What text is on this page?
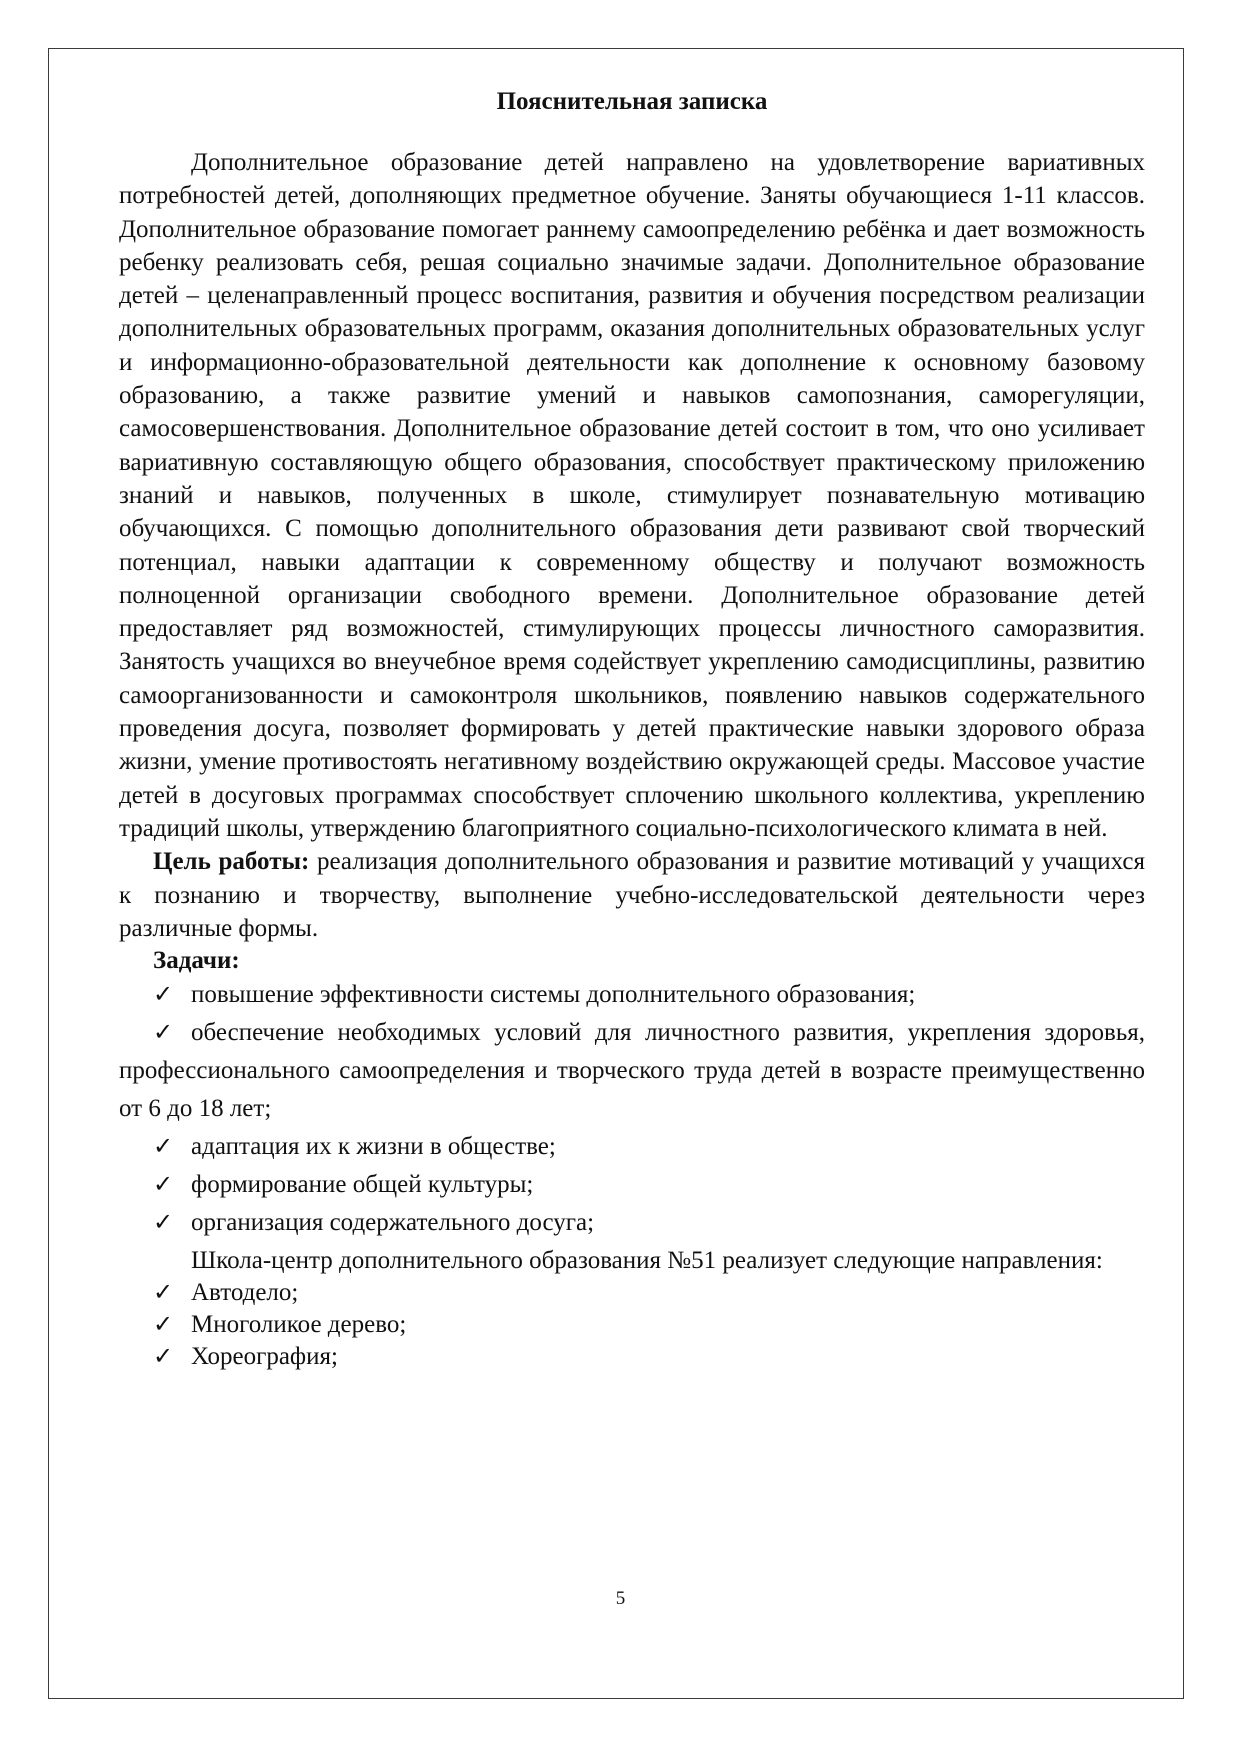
Пояснительная записка

Дополнительное образование детей направлено на удовлетворение вариативных потребностей детей, дополняющих предметное обучение. Заняты обучающиеся 1-11 классов. Дополнительное образование помогает раннему самоопределению ребёнка и дает возможность ребенку реализовать себя, решая социально значимые задачи. Дополнительное образование детей – целенаправленный процесс воспитания, развития и обучения посредством реализации дополнительных образовательных программ, оказания дополнительных образовательных услуг и информационно-образовательной деятельности как дополнение к основному базовому образованию, а также развитие умений и навыков самопознания, саморегуляции, самосовершенствования. Дополнительное образование детей состоит в том, что оно усиливает вариативную составляющую общего образования, способствует практическому приложению знаний и навыков, полученных в школе, стимулирует познавательную мотивацию обучающихся. С помощью дополнительного образования дети развивают свой творческий потенциал, навыки адаптации к современному обществу и получают возможность полноценной организации свободного времени. Дополнительное образование детей предоставляет ряд возможностей, стимулирующих процессы личностного саморазвития. Занятость учащихся во внеучебное время содействует укреплению самодисциплины, развитию самоорганизованности и самоконтроля школьников, появлению навыков содержательного проведения досуга, позволяет формировать у детей практические навыки здорового образа жизни, умение противостоять негативному воздействию окружающей среды. Массовое участие детей в досуговых программах способствует сплочению школьного коллектива, укреплению традиций школы, утверждению благоприятного социально-психологического климата в ней.

Цель работы: реализация дополнительного образования и развитие мотиваций у учащихся к познанию и творчеству, выполнение учебно-исследовательской деятельности через различные формы.

Задачи:

✓ повышение эффективности системы дополнительного образования;
✓ обеспечение необходимых условий для личностного развития, укрепления здоровья, профессионального самоопределения и творческого труда детей в возрасте преимущественно от 6 до 18 лет;
✓ адаптация их к жизни в обществе;
✓ формирование общей культуры;
✓ организация содержательного досуга;

Школа-центр дополнительного образования №51 реализует следующие направления:

✓ Автодело;
✓ Многоликое дерево;
✓ Хореография;
5
